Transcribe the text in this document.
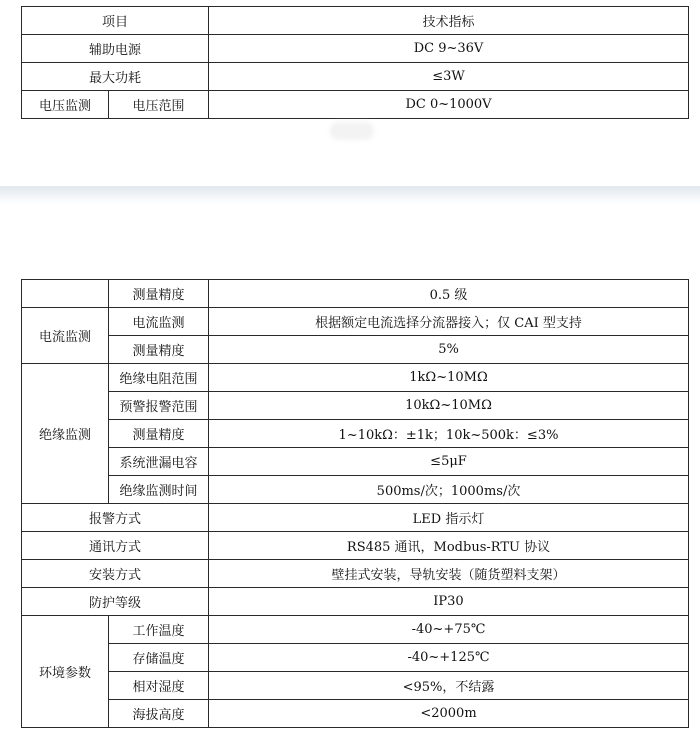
项目		技术指标
辅助电源		DC 9~36V
最大功耗		≤3W
电压监测	电压范围	DC 0~1000V
	测量精度	0.5 级
电流监测	电流监测	根据额定电流选择分流器接入；仅 CAI 型支持
	测量精度	5%
绝缘监测	绝缘电阻范围	1kΩ~10MΩ
	预警报警范围	10kΩ~10MΩ
	测量精度	1~10kΩ：±1k；10k~500k：≤3%
	系统泄漏电容	≤5μF
	绝缘监测时间	500ms/次；1000ms/次
报警方式		LED 指示灯
通讯方式		RS485 通讯，Modbus-RTU 协议
安装方式		壁挂式安装，导轨安装（随货塑料支架）
防护等级		IP30
环境参数	工作温度	-40~+75℃
	存储温度	-40~+125℃
	相对湿度	<95%，不结露
	海拔高度	<2000m
